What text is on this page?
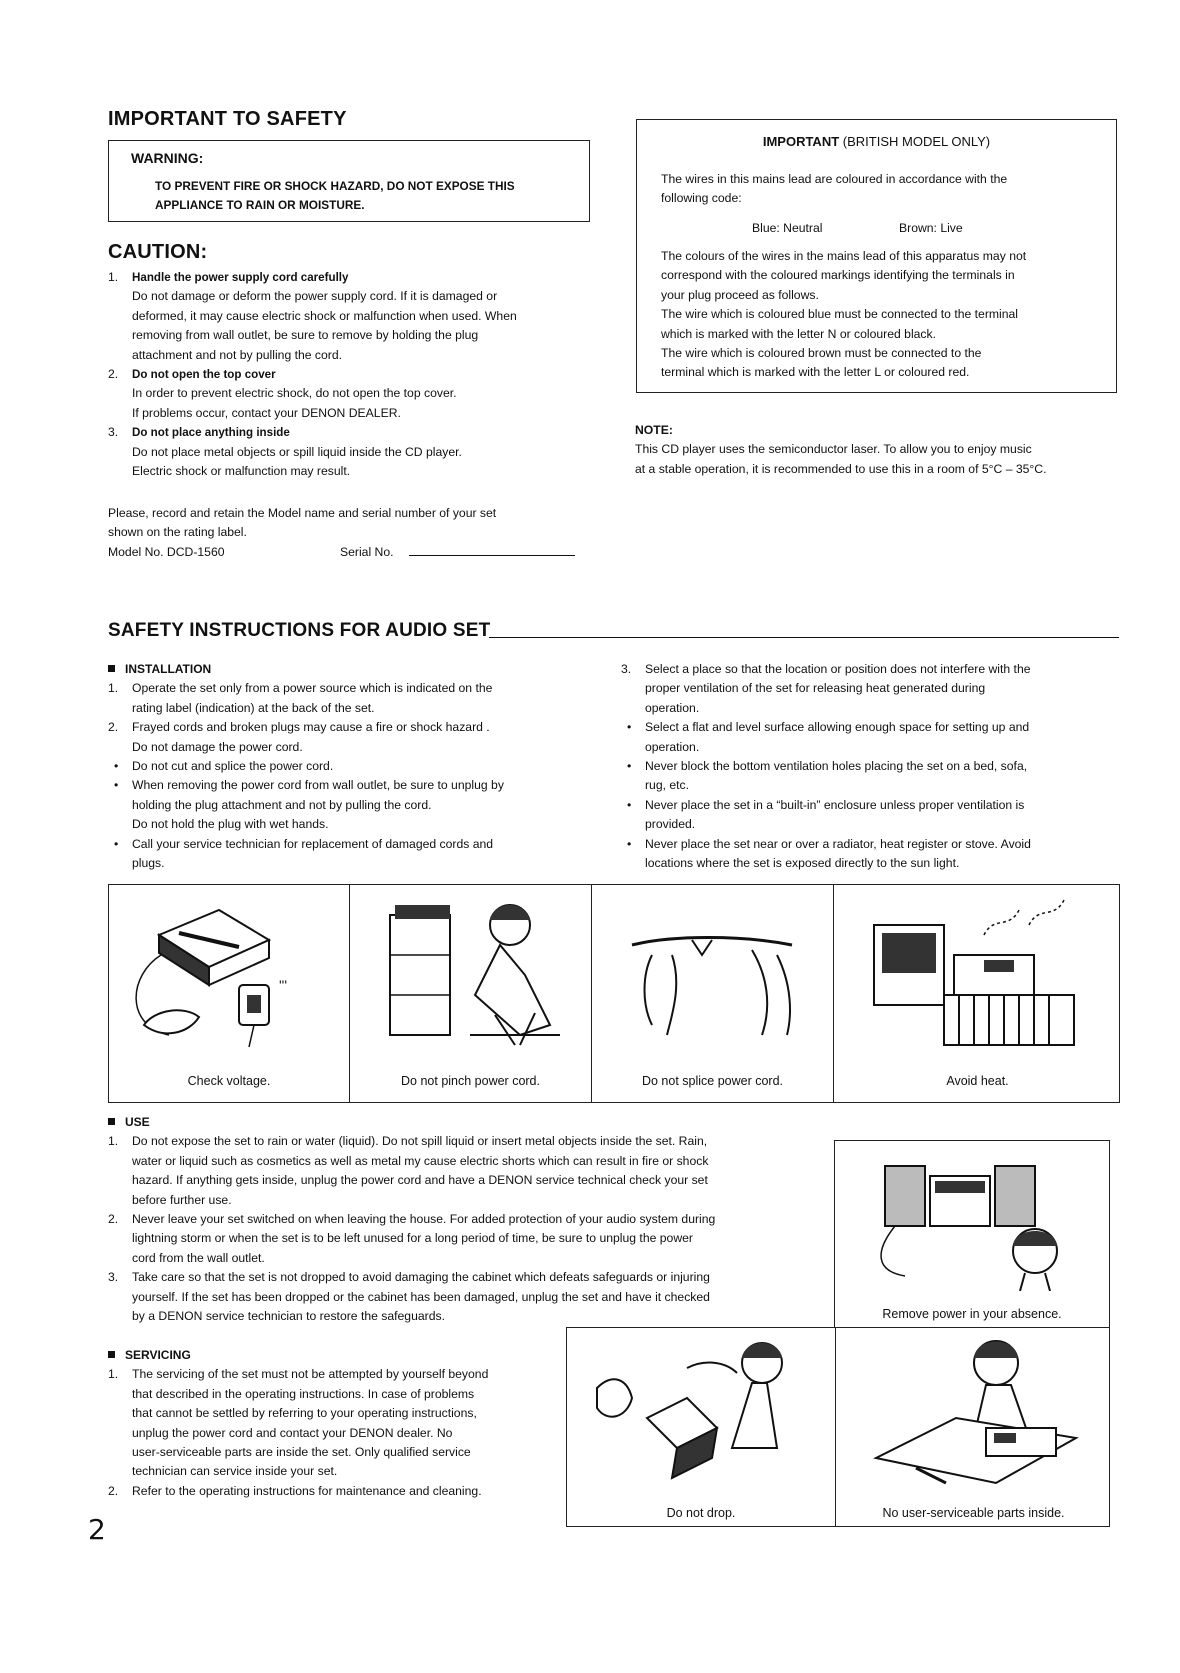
IMPORTANT TO SAFETY
WARNING:
TO PREVENT FIRE OR SHOCK HAZARD, DO NOT EXPOSE THIS
APPLIANCE TO RAIN OR MOISTURE.
CAUTION:
1. Handle the power supply cord carefully
Do not damage or deform the power supply cord. If it is damaged or
deformed, it may cause electric shock or malfunction when used. When
removing from wall outlet, be sure to remove by holding the plug
attachment and not by pulling the cord.
2. Do not open the top cover
In order to prevent electric shock, do not open the top cover.
If problems occur, contact your DENON DEALER.
3. Do not place anything inside
Do not place metal objects or spill liquid inside the CD player.
Electric shock or malfunction may result.
Please, record and retain the Model name and serial number of your set
shown on the rating label.
Model No. DCD-1560	Serial No.
IMPORTANT (BRITISH MODEL ONLY)
The wires in this mains lead are coloured in accordance with the
following code:
Blue: Neutral	Brown: Live
The colours of the wires in the mains lead of this apparatus may not
correspond with the coloured markings identifying the terminals in
your plug proceed as follows.
The wire which is coloured blue must be connected to the terminal
which is marked with the letter N or coloured black.
The wire which is coloured brown must be connected to the
terminal which is marked with the letter L or coloured red.
NOTE:
This CD player uses the semiconductor laser. To allow you to enjoy music
at a stable operation, it is recommended to use this in a room of 5°C – 35°C.
SAFETY INSTRUCTIONS FOR AUDIO SET
INSTALLATION
1. Operate the set only from a power source which is indicated on the
rating label (indication) at the back of the set.
2. Frayed cords and broken plugs may cause a fire or shock hazard .
Do not damage the power cord.
• Do not cut and splice the power cord.
• When removing the power cord from wall outlet, be sure to unplug by
holding the plug attachment and not by pulling the cord.
Do not hold the plug with wet hands.
• Call your service technician for replacement of damaged cords and
plugs.
3. Select a place so that the location or position does not interfere with the
proper ventilation of the set for releasing heat generated during
operation.
• Select a flat and level surface allowing enough space for setting up and
operation.
• Never block the bottom ventilation holes placing the set on a bed, sofa,
rug, etc.
• Never place the set in a “built-in” enclosure unless proper ventilation is
provided.
• Never place the set near or over a radiator, heat register or stove. Avoid
locations where the set is exposed directly to the sun light.
'''
Check voltage.	Do not pinch power cord.	Do not splice power cord.	Avoid heat.
USE
1. Do not expose the set to rain or water (liquid). Do not spill liquid or insert metal objects inside the set. Rain,
water or liquid such as cosmetics as well as metal my cause electric shorts which can result in fire or shock
hazard. If anything gets inside, unplug the power cord and have a DENON service technical check your set
before further use.
2. Never leave your set switched on when leaving the house. For added protection of your audio system during
lightning storm or when the set is to be left unused for a long period of time, be sure to unplug the power
cord from the wall outlet.
3. Take care so that the set is not dropped to avoid damaging the cabinet which defeats safeguards or injuring
yourself. If the set has been dropped or the cabinet has been damaged, unplug the set and have it checked
by a DENON service technician to restore the safeguards.	Remove power in your absence.
SERVICING
1. The servicing of the set must not be attempted by yourself beyond
that described in the operating instructions. In case of problems
that cannot be settled by referring to your operating instructions,
unplug the power cord and contact your DENON dealer. No
user-serviceable parts are inside the set. Only qualified service
technician can service inside your set.
2. Refer to the operating instructions for maintenance and cleaning.
Do not drop.	No user-serviceable parts inside.
2
